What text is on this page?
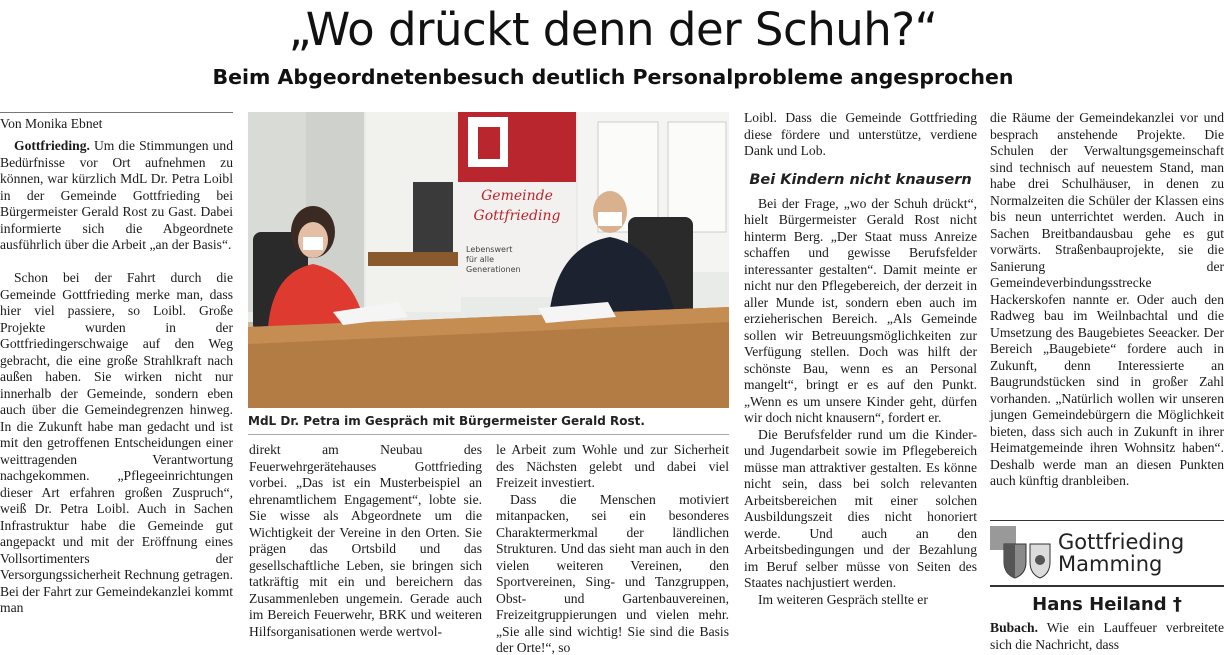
„Wo drückt denn der Schuh?“
Beim Abgeordnetenbesuch deutlich Personalprobleme angesprochen
Von Monika Ebnet

Gottfrieding. Um die Stimmungen und Bedürfnisse vor Ort aufnehmen zu können, war kürzlich MdL Dr. Petra Loibl in der Gemeinde Gottfrieding bei Bürgermeister Gerald Rost zu Gast. Dabei informierte sich die Abgeordnete ausführlich über die Arbeit „an der Basis“.

Schon bei der Fahrt durch die Gemeinde Gottfrieding merke man, dass hier viel passiere, so Loibl. Große Projekte wurden in der Gottfriedingerschwaige auf den Weg gebracht, die eine große Strahlkraft nach außen haben. Sie wirken nicht nur innerhalb der Gemeinde, sondern eben auch über die Gemeindegrenzen hinweg. In die Zukunft habe man gedacht und ist mit den getroffenen Entscheidungen einer weittragenden Verantwortung nachgekommen. „Pflegeeinrichtungen dieser Art erfahren großen Zuspruch“, weiß Dr. Petra Loibl. Auch in Sachen Infrastruktur habe die Gemeinde gut angepackt und mit der Eröffnung eines Vollsortimenters der Versorgungssicherheit Rechnung getragen. Bei der Fahrt zur Gemeindekanzlei kommt man

Gemeinde
Gottfrieding
Lebenswert
für alle
Generationen
MdL Dr. Petra im Gespräch mit Bürgermeister Gerald Rost.

direkt am Neubau des Feuerwehrgerätehauses Gottfrieding vorbei. „Das ist ein Musterbeispiel an ehrenamtlichem Engagement“, lobte sie. Sie wisse als Abgeordnete um die Wichtigkeit der Vereine in den Orten. Sie prägen das Ortsbild und das gesellschaftliche Leben, sie bringen sich tatkräftig mit ein und bereichern das Zusammenleben ungemein. Gerade auch im Bereich Feuerwehr, BRK und weiteren Hilfsorganisationen werde wertvol-

le Arbeit zum Wohle und zur Sicherheit des Nächsten gelebt und dabei viel Freizeit investiert.

Dass die Menschen motiviert mitanpacken, sei ein besonderes Charaktermerkmal der ländlichen Strukturen. Und das sieht man auch in den vielen weiteren Vereinen, den Sportvereinen, Sing- und Tanzgruppen, Obst- und Gartenbauvereinen, Freizeitgruppierungen und vielen mehr. „Sie alle sind wichtig! Sie sind die Basis der Orte!“, so

Loibl. Dass die Gemeinde Gottfrieding diese fördere und unterstütze, verdiene Dank und Lob.

Bei Kindern nicht knausern

Bei der Frage, „wo der Schuh drückt“, hielt Bürgermeister Gerald Rost nicht hinterm Berg. „Der Staat muss Anreize schaffen und gewisse Berufsfelder interessanter gestalten“. Damit meinte er nicht nur den Pflegebereich, der derzeit in aller Munde ist, sondern eben auch im erzieherischen Bereich. „Als Gemeinde sollen wir Betreuungsmöglichkeiten zur Verfügung stellen. Doch was hilft der schönste Bau, wenn es an Personal mangelt“, bringt er es auf den Punkt. „Wenn es um unsere Kinder geht, dürfen wir doch nicht knausern“, fordert er.

Die Berufsfelder rund um die Kinder- und Jugendarbeit sowie im Pflegebereich müsse man attraktiver gestalten. Es könne nicht sein, dass bei solch relevanten Arbeitsbereichen mit einer solchen Ausbildungszeit dies nicht honoriert werde. Und auch an den Arbeitsbedingungen und der Bezahlung im Beruf selber müsse von Seiten des Staates nachjustiert werden.

Im weiteren Gespräch stellte er

die Räume der Gemeindekanzlei vor und besprach anstehende Projekte. Die Schulen der Verwaltungsgemeinschaft sind technisch auf neuestem Stand, man habe drei Schulhäuser, in denen zu Normalzeiten die Schüler der Klassen eins bis neun unterrichtet werden. Auch in Sachen Breitbandausbau gehe es gut vorwärts. Straßenbauprojekte, sie die Sanierung der Gemeindeverbindungsstrecke Hackerskofen nannte er. Oder auch den Radweg bau im Weilnbachtal und die Umsetzung des Baugebietes Seeacker. Der Bereich „Baugebiete“ fordere auch in Zukunft, denn Interessierte an Baugrundstücken sind in großer Zahl vorhanden. „Natürlich wollen wir unseren jungen Gemeindebürgern die Möglichkeit bieten, dass sich auch in Zukunft in ihrer Heimatgemeinde ihren Wohnsitz haben“. Deshalb werde man an diesen Punkten auch künftig dranbleiben.

Gottfrieding
Mamming
Hans Heiland †

Bubach. Wie ein Lauffeuer verbreitete sich die Nachricht, dass
